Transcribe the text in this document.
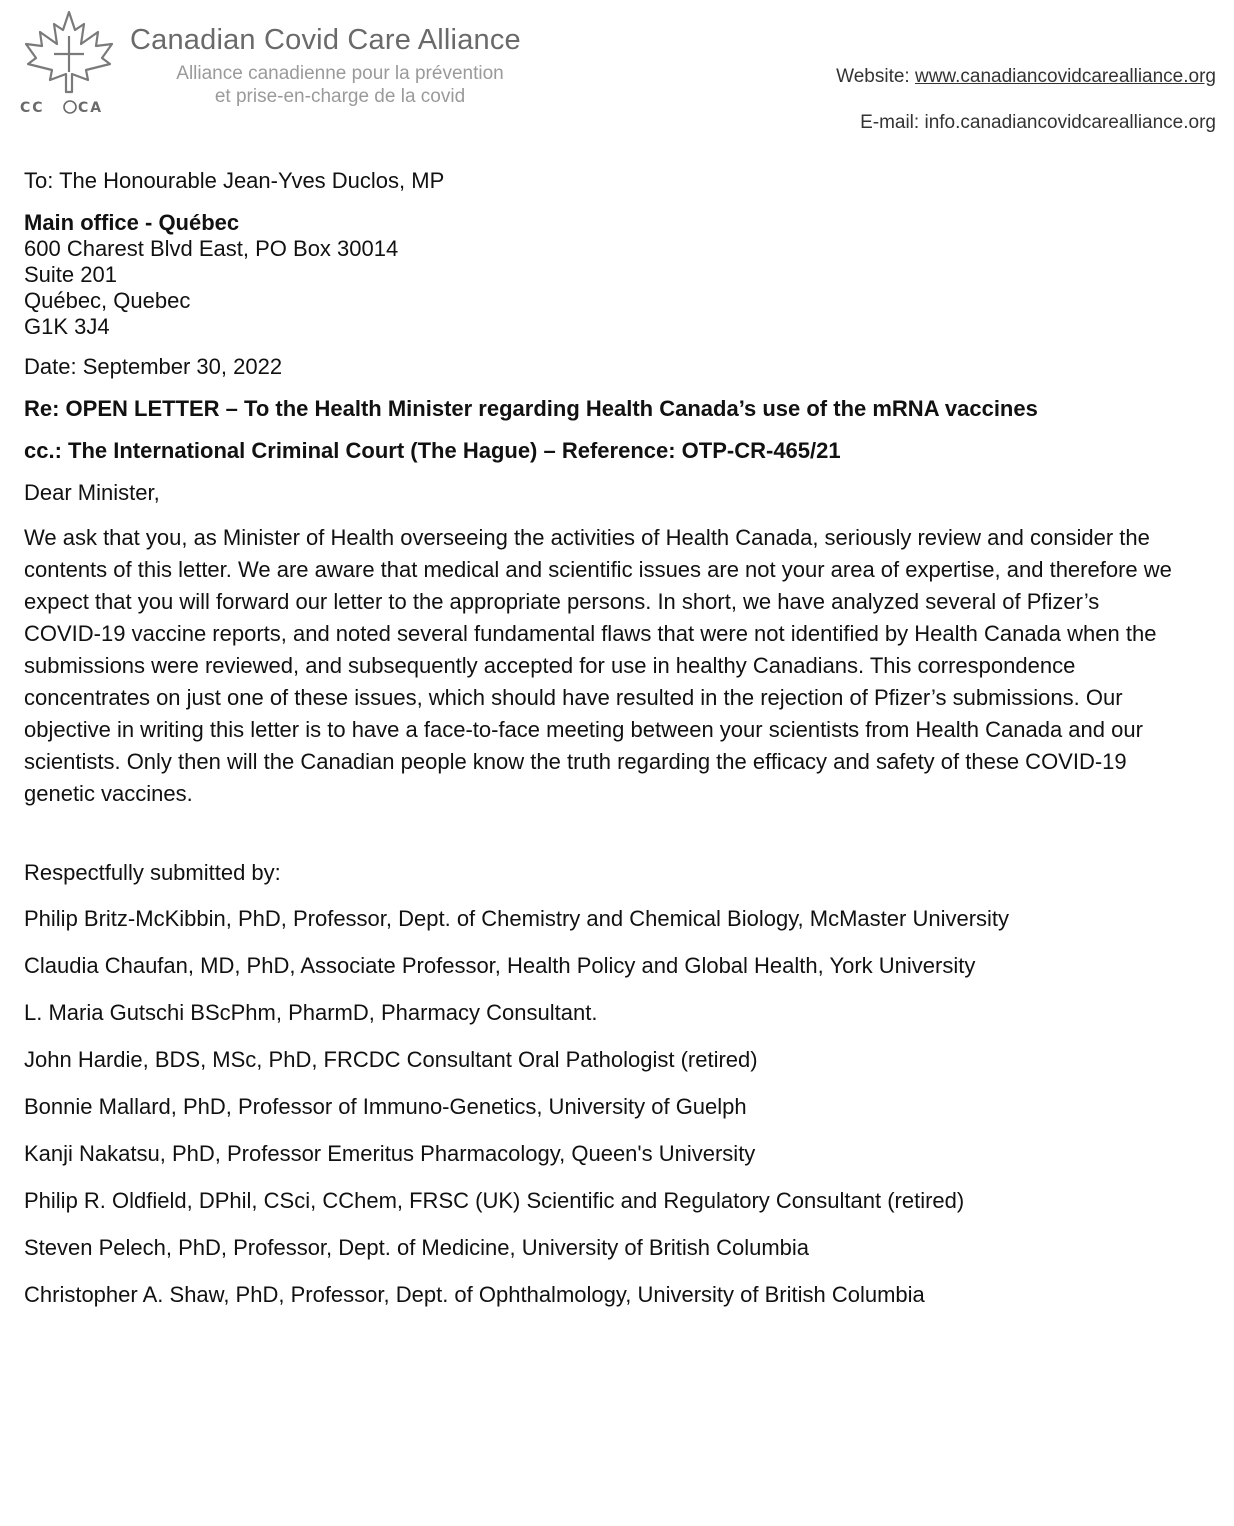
CC CA
Canadian Covid Care Alliance
Alliance canadienne pour la prévention
et prise-en-charge de la covid
Website: www.canadiancovidcarealliance.org
E-mail: info.canadiancovidcarealliance.org

To: The Honourable Jean-Yves Duclos, MP

Main office - Québec
600 Charest Blvd East, PO Box 30014
Suite 201
Québec, Quebec
G1K 3J4

Date: September 30, 2022

Re: OPEN LETTER – To the Health Minister regarding Health Canada’s use of the mRNA vaccines

cc.: The International Criminal Court (The Hague) – Reference: OTP-CR-465/21

Dear Minister,

We ask that you, as Minister of Health overseeing the activities of Health Canada, seriously review and consider the contents of this letter. We are aware that medical and scientific issues are not your area of expertise, and therefore we expect that you will forward our letter to the appropriate persons. In short, we have analyzed several of Pfizer’s COVID-19 vaccine reports, and noted several fundamental flaws that were not identified by Health Canada when the submissions were reviewed, and subsequently accepted for use in healthy Canadians. This correspondence concentrates on just one of these issues, which should have resulted in the rejection of Pfizer’s submissions. Our objective in writing this letter is to have a face-to-face meeting between your scientists from Health Canada and our scientists. Only then will the Canadian people know the truth regarding the efficacy and safety of these COVID-19 genetic vaccines.

Respectfully submitted by:

Philip Britz-McKibbin, PhD, Professor, Dept. of Chemistry and Chemical Biology, McMaster University
Claudia Chaufan, MD, PhD, Associate Professor, Health Policy and Global Health, York University
L. Maria Gutschi BScPhm, PharmD, Pharmacy Consultant.
John Hardie, BDS, MSc, PhD, FRCDC Consultant Oral Pathologist (retired)
Bonnie Mallard, PhD, Professor of Immuno-Genetics, University of Guelph
Kanji Nakatsu, PhD, Professor Emeritus Pharmacology, Queen's University
Philip R. Oldfield, DPhil, CSci, CChem, FRSC (UK) Scientific and Regulatory Consultant (retired)
Steven Pelech, PhD, Professor, Dept. of Medicine, University of British Columbia
Christopher A. Shaw, PhD, Professor, Dept. of Ophthalmology, University of British Columbia
